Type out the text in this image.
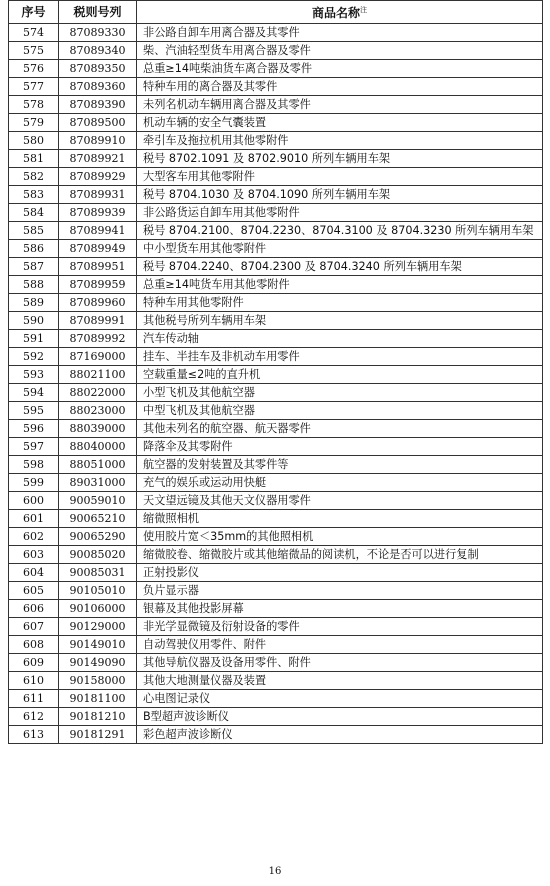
序号	税则号列	商品名称$^注$
574	87089330	非公路自卸车用离合器及其零件
575	87089340	柴、汽油轻型货车用离合器及零件
576	87089350	总重≥14吨柴油货车离合器及零件
577	87089360	特种车用的离合器及其零件
578	87089390	未列名机动车辆用离合器及其零件
579	87089500	机动车辆的安全气囊装置
580	87089910	牵引车及拖拉机用其他零附件
581	87089921	税号 8702.1091 及 8702.9010 所列车辆用车架
582	87089929	大型客车用其他零附件
583	87089931	税号 8704.1030 及 8704.1090 所列车辆用车架
584	87089939	非公路货运自卸车用其他零附件
585	87089941	税号 8704.2100、8704.2230、8704.3100 及 8704.3230 所列车辆用车架
586	87089949	中小型货车用其他零附件
587	87089951	税号 8704.2240、8704.2300 及 8704.3240 所列车辆用车架
588	87089959	总重≥14吨货车用其他零附件
589	87089960	特种车用其他零附件
590	87089991	其他税号所列车辆用车架
591	87089992	汽车传动轴
592	87169000	挂车、半挂车及非机动车用零件
593	88021100	空载重量≤2吨的直升机
594	88022000	小型飞机及其他航空器
595	88023000	中型飞机及其他航空器
596	88039000	其他未列名的航空器、航天器零件
597	88040000	降落伞及其零附件
598	88051000	航空器的发射装置及其零件等
599	89031000	充气的娱乐或运动用快艇
600	90059010	天文望远镜及其他天文仪器用零件
601	90065210	缩微照相机
602	90065290	使用胶片宽＜35mm的其他照相机
603	90085020	缩微胶卷、缩微胶片或其他缩微品的阅读机，不论是否可以进行复制
604	90085031	正射投影仪
605	90105010	负片显示器
606	90106000	银幕及其他投影屏幕
607	90129000	非光学显微镜及衍射设备的零件
608	90149010	自动驾驶仪用零件、附件
609	90149090	其他导航仪器及设备用零件、附件
610	90158000	其他大地测量仪器及装置
611	90181100	心电图记录仪
612	90181210	B型超声波诊断仪
613	90181291	彩色超声波诊断仪
16
